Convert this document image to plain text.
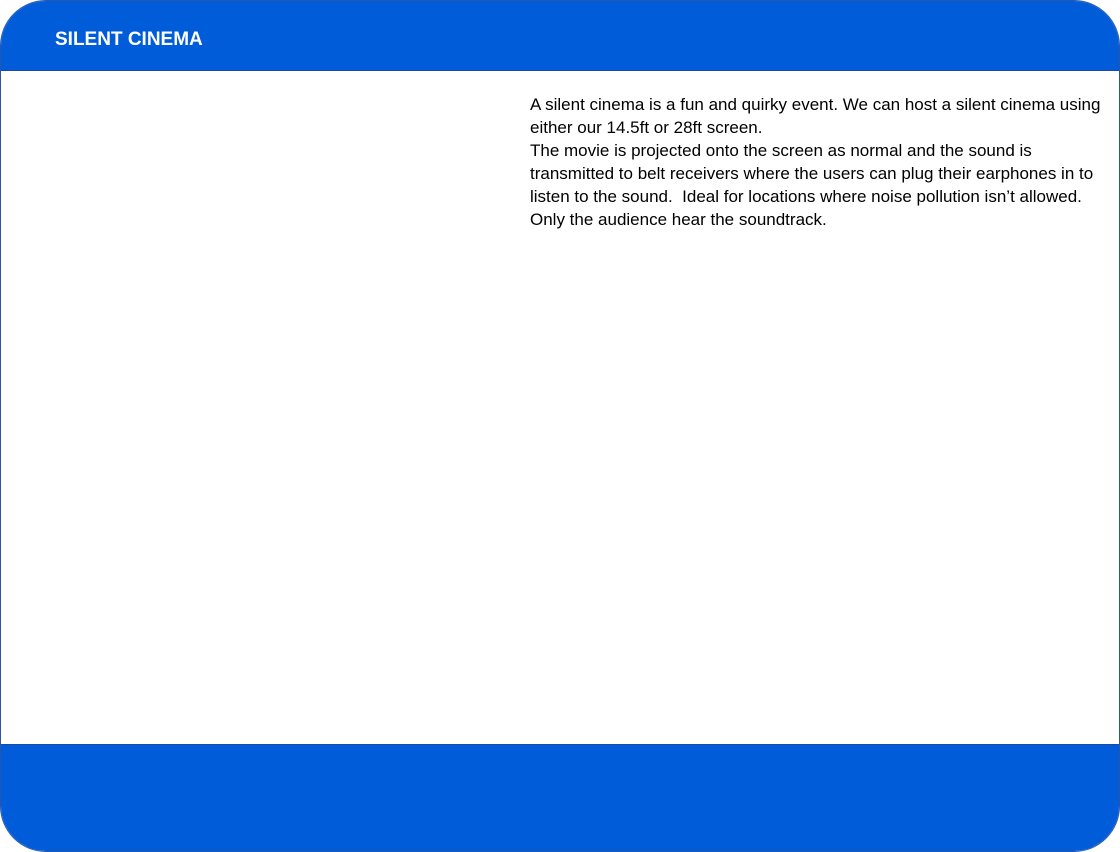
SILENT CINEMA

A silent cinema is a fun and quirky event. We can host a silent cinema using either our 14.5ft or 28ft screen.

The movie is projected onto the screen as normal and the sound is transmitted to belt receivers where the users can plug their earphones in to listen to the sound.  Ideal for locations where noise pollution isn’t allowed.  Only the audience hear the soundtrack.
